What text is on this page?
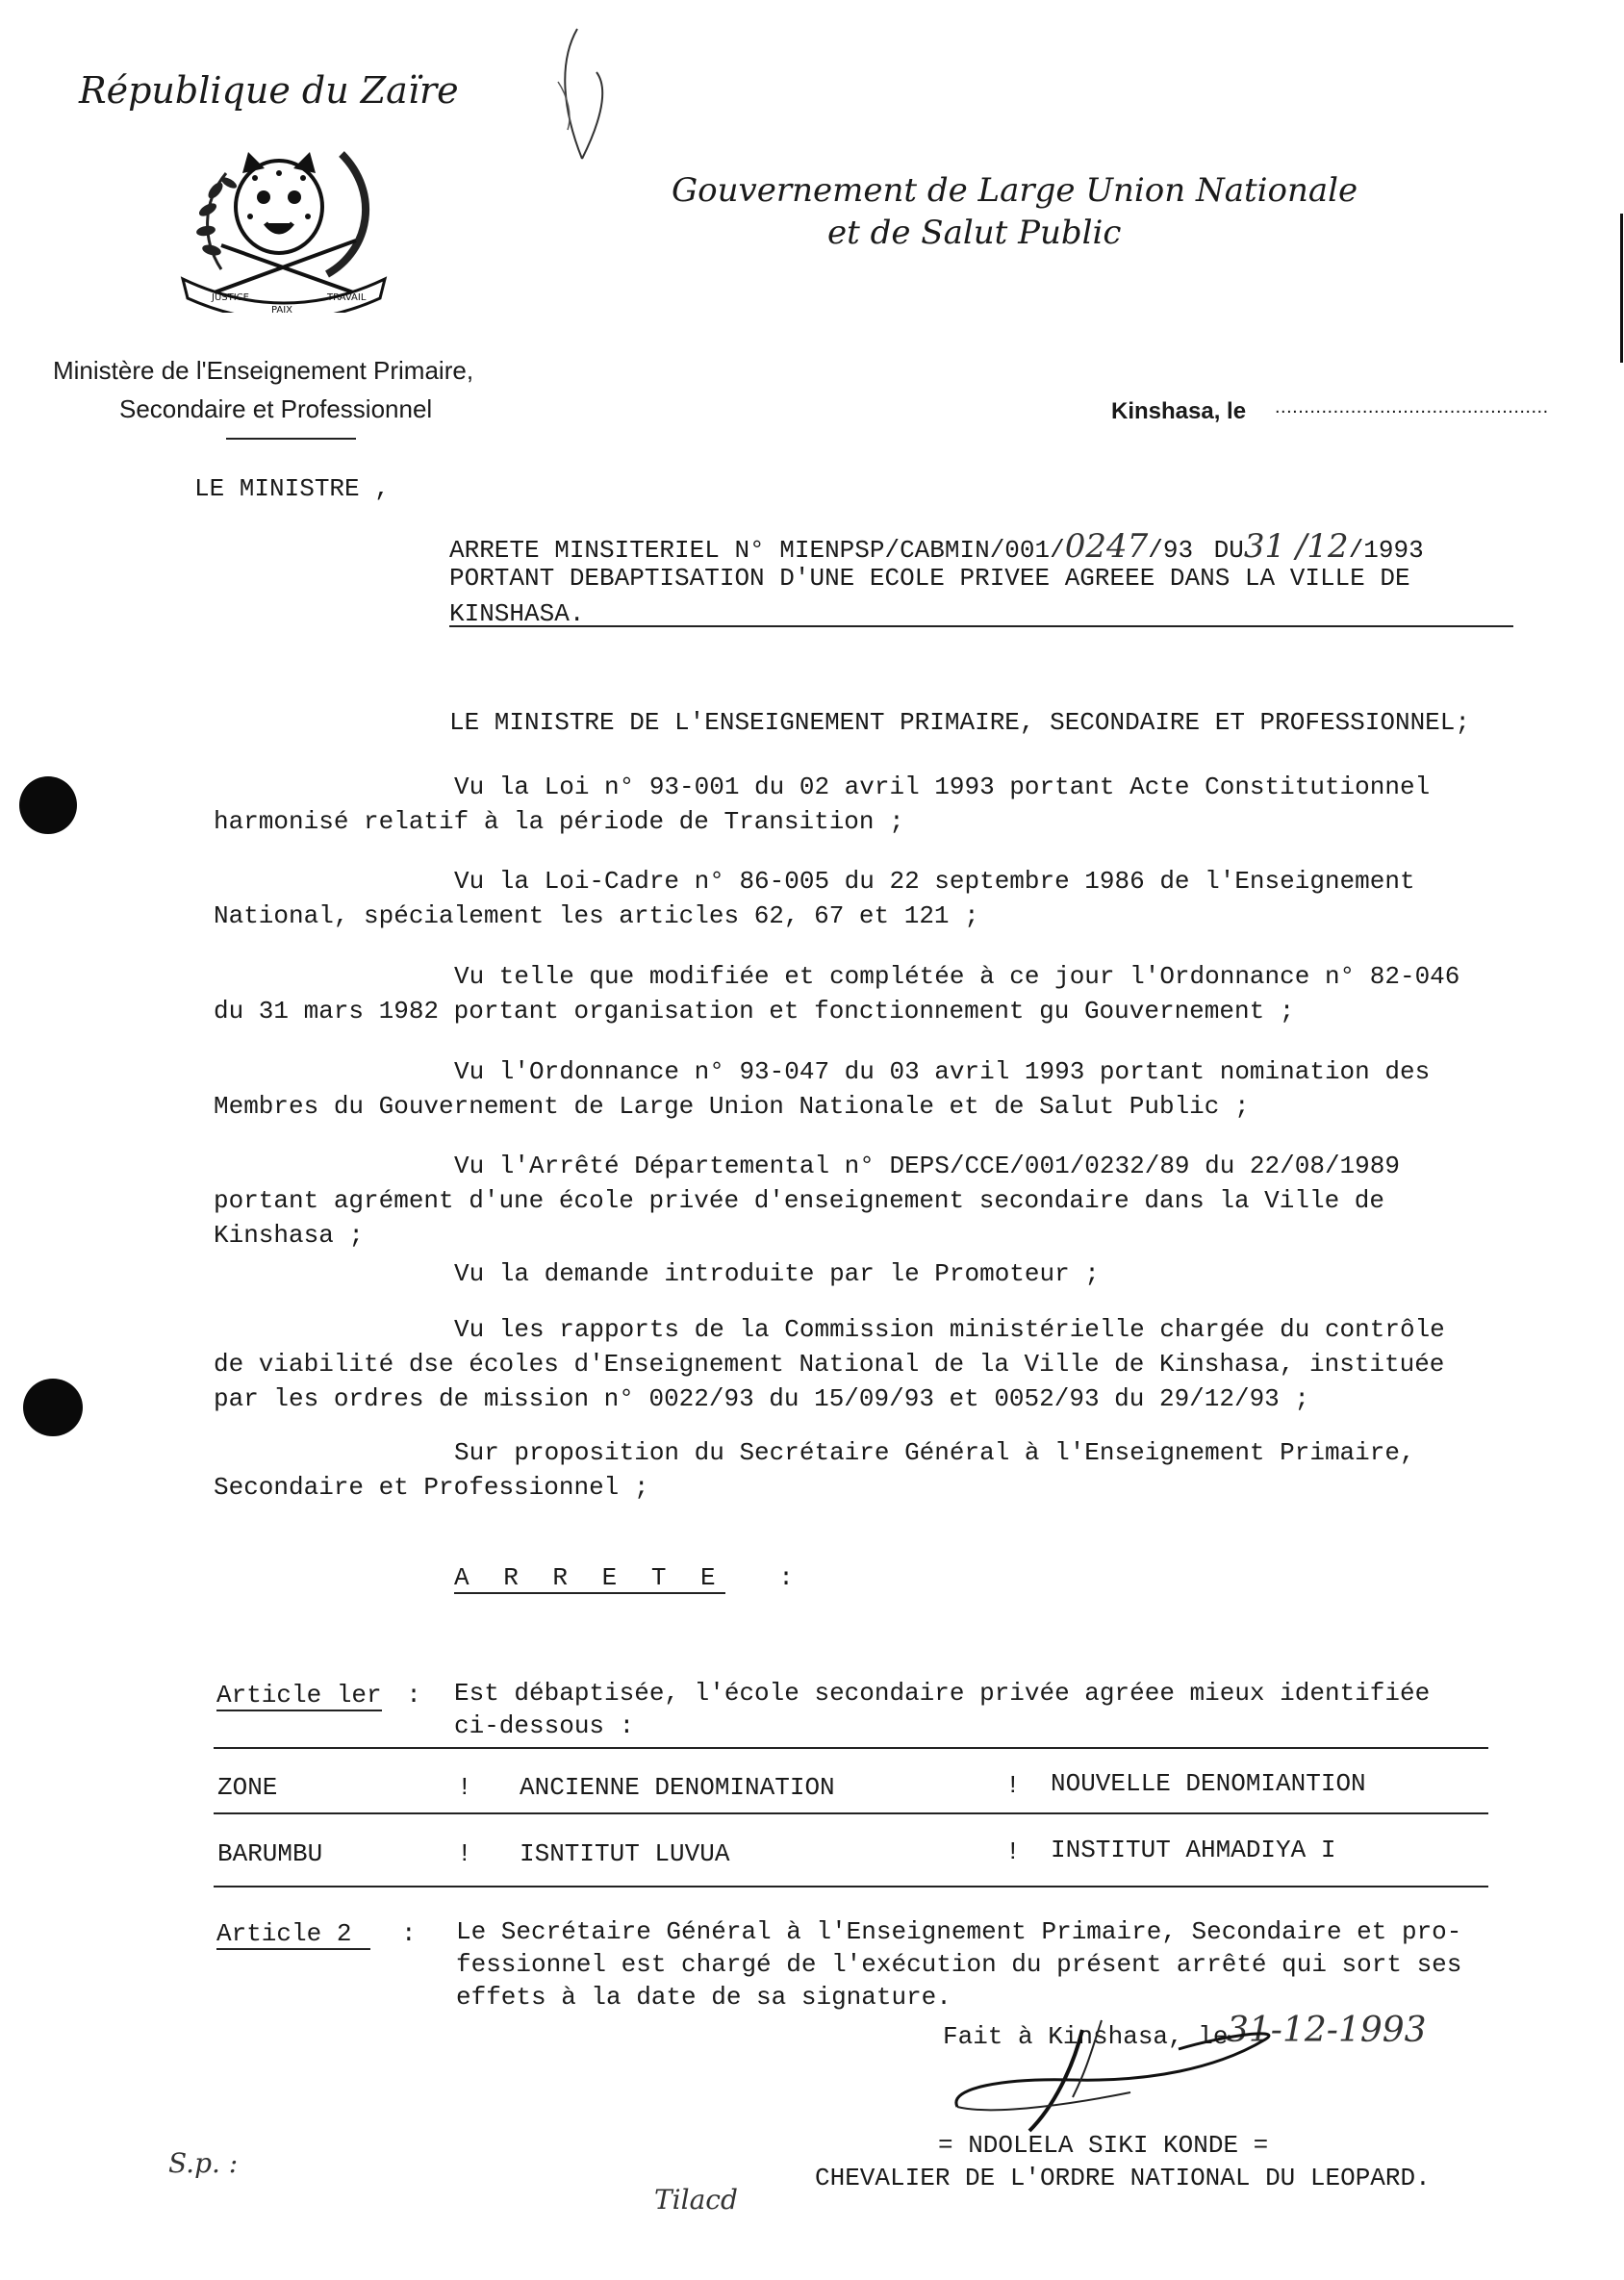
République du Zaïre
JUSTICE
PAIX
TRAVAIL
Gouvernement de Large Union Nationale
et de Salut Public
Ministère de l'Enseignement Primaire,
Secondaire et Professionnel	Kinshasa, le ...............................................
LE MINISTRE ,
ARRETE MINSITERIEL N° MIENPSP/CABMIN/001/0247/93 DU31 /12/1993
PORTANT DEBAPTISATION D'UNE ECOLE PRIVEE AGREEE DANS LA VILLE DE
KINSHASA.
LE MINISTRE DE L'ENSEIGNEMENT PRIMAIRE, SECONDAIRE ET PROFESSIONNEL;
Vu la Loi n° 93-001 du 02 avril 1993 portant Acte Constitutionnel
harmonisé relatif à la période de Transition ;
Vu la Loi-Cadre n° 86-005 du 22 septembre 1986 de l'Enseignement
National, spécialement les articles 62, 67 et 121 ;
Vu telle que modifiée et complétée à ce jour l'Ordonnance n° 82-046
du 31 mars 1982 portant organisation et fonctionnement gu Gouvernement ;
Vu l'Ordonnance n° 93-047 du 03 avril 1993 portant nomination des
Membres du Gouvernement de Large Union Nationale et de Salut Public ;
Vu l'Arrêté Départemental n° DEPS/CCE/001/0232/89 du 22/08/1989
portant agrément d'une école privée d'enseignement secondaire dans la Ville de
Kinshasa ;
Vu la demande introduite par le Promoteur ;
Vu les rapports de la Commission ministérielle chargée du contrôle
de viabilité dse écoles d'Enseignement National de la Ville de Kinshasa, instituée
par les ordres de mission n° 0022/93 du 15/09/93 et 0052/93 du 29/12/93 ;
Sur proposition du Secrétaire Général à l'Enseignement Primaire,
Secondaire et Professionnel ;
A R R E T E :
Article ler : Est débaptisée, l'école secondaire privée agréee mieux identifiée
ci-dessous :
ZONE	! ANCIENNE DENOMINATION	! NOUVELLE DENOMIANTION
BARUMBU	! ISNTITUT LUVUA	! INSTITUT AHMADIYA I
Article 2 : Le Secrétaire Général à l'Enseignement Primaire, Secondaire et pro-
fessionnel est chargé de l'exécution du présent arrêté qui sort ses
effets à la date de sa signature.
Fait à Kinshasa, le
31-12-1993
= NDOLELA SIKI KONDE =
CHEVALIER DE L'ORDRE NATIONAL DU LEOPARD.
S.p. :
Tilacd
